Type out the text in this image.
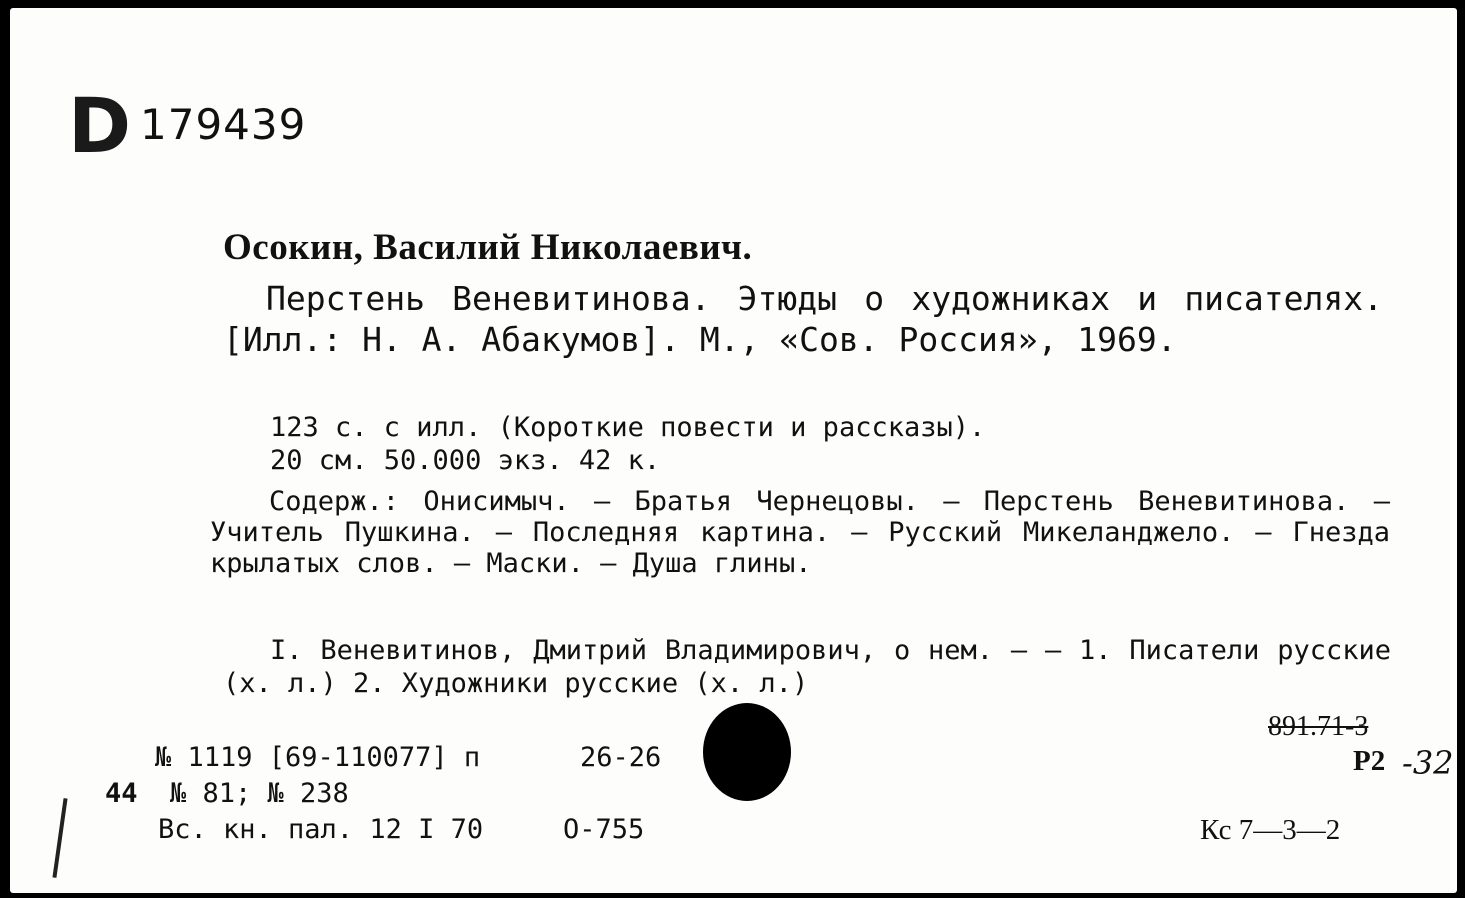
D 179439
Осокин, Василий Николаевич.
Перстень Веневитинова. Этюды о художниках и писателях. [Илл.: Н. А. Абакумов]. М., «Сов. Россия», 1969.
123 с. с илл. (Короткие повести и рассказы).
20 см. 50.000 экз. 42 к.
Содерж.: Онисимыч. — Братья Чернецовы. — Перстень Веневитинова. — Учитель Пушкина. — Последняя картина. — Русский Микеланджело. — Гнезда крылатых слов. — Маски. — Душа глины.
I. Веневитинов, Дмитрий Владимирович, о нем. — — 1. Писатели русские (х. л.) 2. Художники русские (х. л.)
891.71-3
Р2 -32
№ 1119 [69-110077] п	26-26
44 № 81; № 238
Вс. кн. пал. 12 I 70	О-755	Кс 7—3—2
